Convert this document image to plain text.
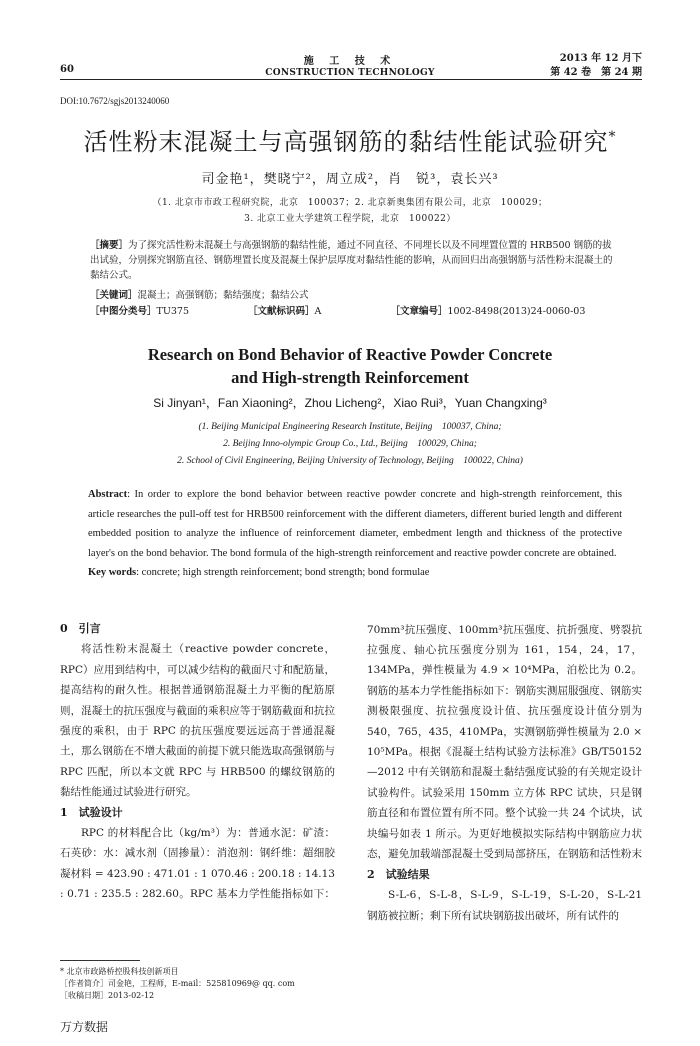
60
施 工 技 术
CONSTRUCTION TECHNOLOGY
2013 年 12 月下
第 42 卷　第 24 期
DOI:10.7672/sgjs2013240060
活性粉末混凝土与高强钢筋的黏结性能试验研究*
司金艳¹，樊晓宁²，周立成²，肖　锐³，袁长兴³
（1. 北京市市政工程研究院，北京　100037；2. 北京新奥集团有限公司，北京　100029；
3. 北京工业大学建筑工程学院，北京　100022）
［摘要］为了探究活性粉末混凝土与高强钢筋的黏结性能，通过不同直径、不同埋长以及不同埋置位置的 HRB500 钢筋的拔出试验，分别探究钢筋直径、钢筋埋置长度及混凝土保护层厚度对黏结性能的影响，从而回归出高强钢筋与活性粉末混凝土的黏结公式。
［关键词］混凝土；高强钢筋；黏结强度；黏结公式
［中图分类号］TU375	［文献标识码］A	［文章编号］1002-8498(2013)24-0060-03
Research on Bond Behavior of Reactive Powder Concrete
and High-strength Reinforcement
Si Jinyan¹，Fan Xiaoning²，Zhou Licheng²，Xiao Rui³，Yuan Changxing³
(1. Beijing Municipal Engineering Research Institute, Beijing　100037, China;
2. Beijing Inno-olympic Group Co., Ltd., Beijing　100029, China;
2. School of Civil Engineering, Beijing University of Technology, Beijing　100022, China)
Abstract: In order to explore the bond behavior between reactive powder concrete and high-strength reinforcement, this article researches the pull-off test for HRB500 reinforcement with the different diameters, different buried length and different embedded position to analyze the influence of reinforcement diameter, embedment length and thickness of the protective layer's on the bond behavior. The bond formula of the high-strength reinforcement and reactive powder concrete are obtained.
Key words: concrete; high strength reinforcement; bond strength; bond formulae

0　引言

将活性粉末混凝土（reactive powder concrete，RPC）应用到结构中，可以减少结构的截面尺寸和配筋量，提高结构的耐久性。根据普通钢筋混凝土力平衡的配筋原则，混凝土的抗压强度与截面的乘积应等于钢筋截面和抗拉强度的乘积，由于 RPC 的抗压强度要远远高于普通混凝土，那么钢筋在不增大截面的前提下就只能选取高强钢筋与 RPC 匹配，所以本文就 RPC 与 HRB500 的螺纹钢筋的黏结性能通过试验进行研究。

1　试验设计

RPC 的材料配合比（kg/m³）为：普通水泥：矿渣：石英砂：水：减水剂（固掺量）：消泡剂：钢纤维：超细胶凝材料 = 423.90 : 471.01 : 1 070.46 : 200.18 : 14.13 : 0.71 : 235.5 : 282.60。RPC 基本力学性能指标如下：

70mm³抗压强度、100mm³抗压强度、抗折强度、劈裂抗拉强度、轴心抗压强度分别为 161，154，24，17，134MPa，弹性模量为 4.9 × 10⁴MPa，泊松比为 0.2。钢筋的基本力学性能指标如下：钢筋实测屈服强度、钢筋实测极限强度、抗拉强度设计值、抗压强度设计值分别为 540，765，435，410MPa，实测钢筋弹性模量为 2.0 × 10⁵MPa。根据《混凝土结构试验方法标准》GB/T50152—2012 中有关钢筋和混凝土黏结强度试验的有关规定设计试验构件。试验采用 150mm 立方体 RPC 试块，只是钢筋直径和布置位置有所不同。整个试验一共 24 个试块，试块编号如表 1 所示。为更好地模拟实际结构中钢筋应力状态，避免加载端部混凝土受到局部挤压，在钢筋和活性粉末

2　试验结果

S-L-6，S-L-8，S-L-9，S-L-19，S-L-20，S-L-21 钢筋被拉断；剩下所有试块钢筋拔出破坏，所有试件的

* 北京市政路桥控股科技创新项目
［作者简介］司金艳，工程师，E-mail：525810969@ qq. com
［收稿日期］2013-02-12
万方数据
